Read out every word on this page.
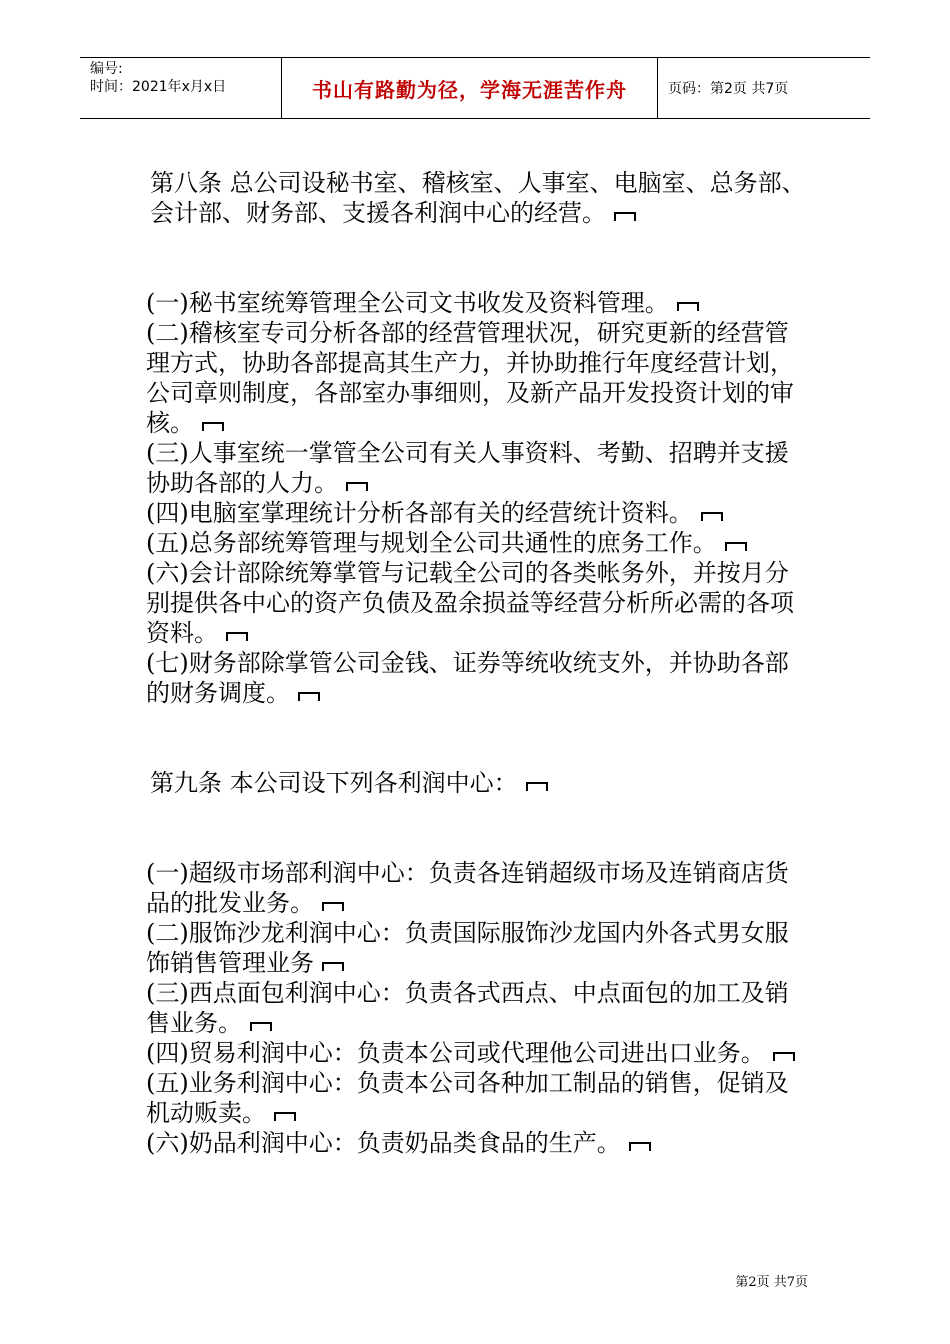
编号:
时间：2021年x月x日	书山有路勤为径，学海无涯苦作舟	页码：第2页 共7页

第八条 总公司设秘书室、稽核室、人事室、电脑室、总务部、会计部、财务部、支援各利润中心的经营。

(一)秘书室统筹管理全公司文书收发及资料管理。

(二)稽核室专司分析各部的经营管理状况，研究更新的经营管理方式，协助各部提高其生产力，并协助推行年度经营计划，公司章则制度，各部室办事细则，及新产品开发投资计划的审核。

(三)人事室统一掌管全公司有关人事资料、考勤、招聘并支援协助各部的人力。

(四)电脑室掌理统计分析各部有关的经营统计资料。

(五)总务部统筹管理与规划全公司共通性的庶务工作。

(六)会计部除统筹掌管与记载全公司的各类帐务外，并按月分别提供各中心的资产负债及盈余损益等经营分析所必需的各项资料。

(七)财务部除掌管公司金钱、证券等统收统支外，并协助各部的财务调度。

第九条 本公司设下列各利润中心：

(一)超级市场部利润中心：负责各连销超级市场及连销商店货品的批发业务。

(二)服饰沙龙利润中心：负责国际服饰沙龙国内外各式男女服饰销售管理业务

(三)西点面包利润中心：负责各式西点、中点面包的加工及销售业务。

(四)贸易利润中心：负责本公司或代理他公司进出口业务。

(五)业务利润中心：负责本公司各种加工制品的销售，促销及机动贩卖。

(六)奶品利润中心：负责奶品类食品的生产。

第2页 共7页
